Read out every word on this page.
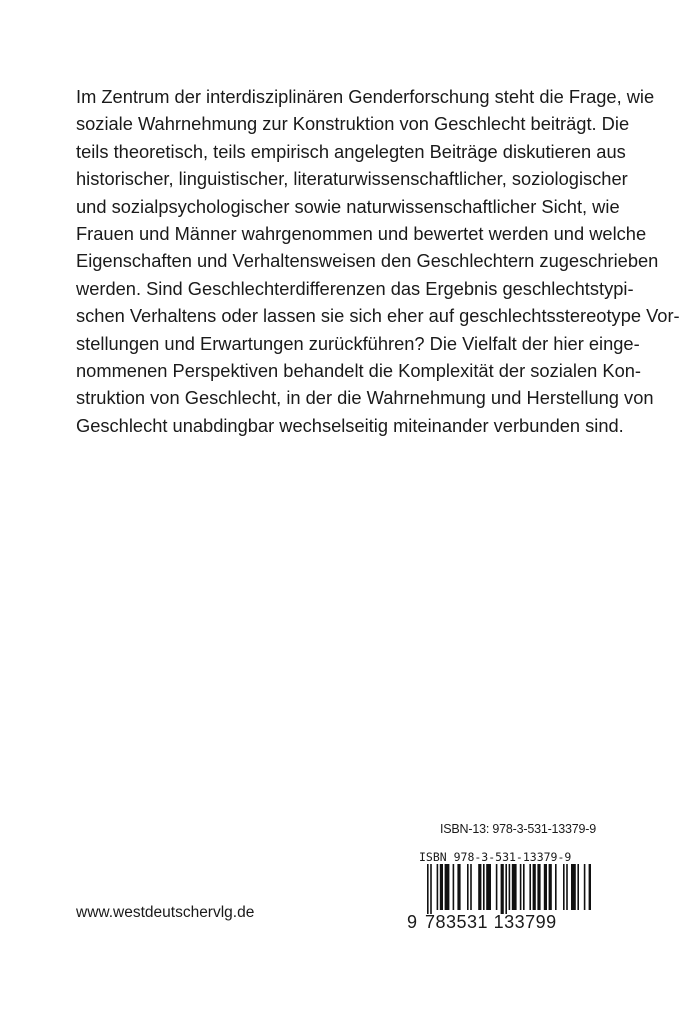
Im Zentrum der interdisziplinären Genderforschung steht die Frage, wie
soziale Wahrnehmung zur Konstruktion von Geschlecht beiträgt. Die
teils theoretisch, teils empirisch angelegten Beiträge diskutieren aus
historischer, linguistischer, literaturwissenschaftlicher, soziologischer
und sozialpsychologischer sowie naturwissenschaftlicher Sicht, wie
Frauen und Männer wahrgenommen und bewertet werden und welche
Eigenschaften und Verhaltensweisen den Geschlechtern zugeschrieben
werden. Sind Geschlechterdifferenzen das Ergebnis geschlechtstypi-
schen Verhaltens oder lassen sie sich eher auf geschlechtsstereotype Vor-
stellungen und Erwartungen zurückführen? Die Vielfalt der hier einge-
nommenen Perspektiven behandelt die Komplexität der sozialen Kon-
struktion von Geschlecht, in der die Wahrnehmung und Herstellung von
Geschlecht unabdingbar wechselseitig miteinander verbunden sind.
ISBN-13: 978-3-531-13379-9
ISBN 978-3-531-13379-9
9 783531 133799
www.westdeutschervlg.de
